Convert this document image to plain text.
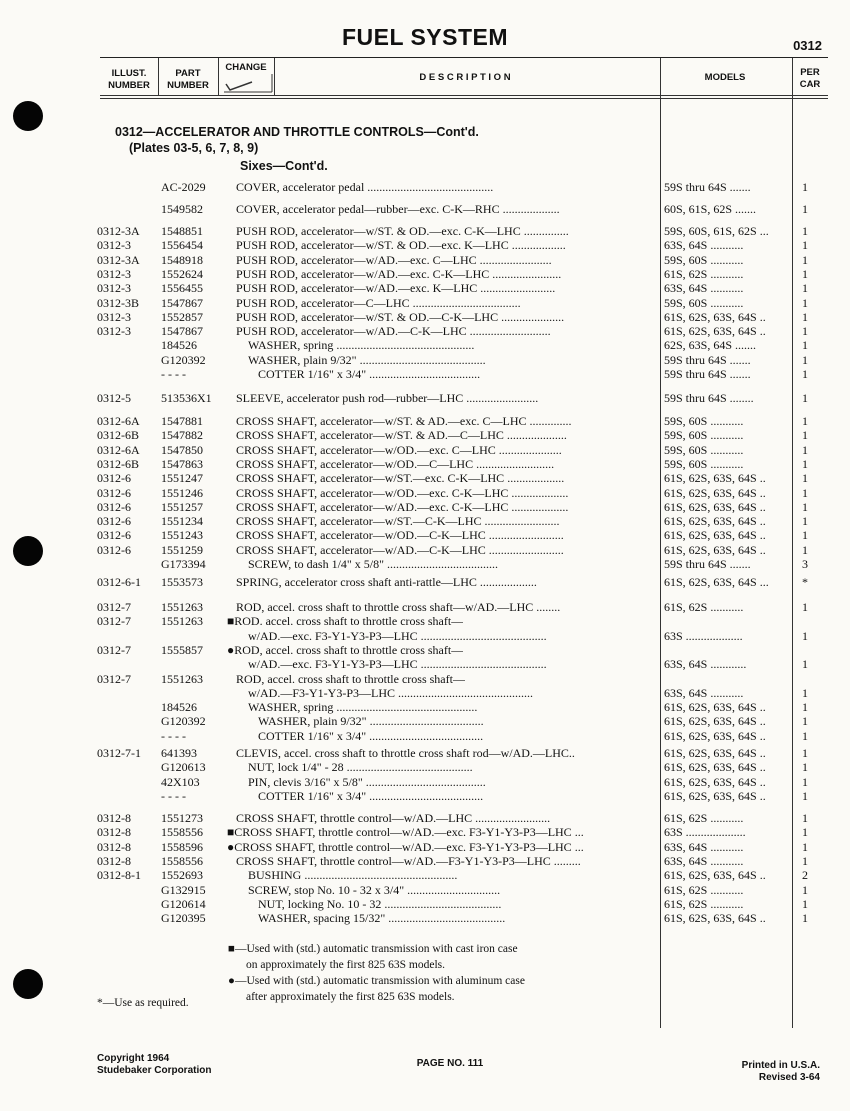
FUEL SYSTEM	0312
ILLUST.
NUMBER
PART
NUMBER
CHANGE
D E S C R I P T I O N	MODELS	PER
CAR
0312—ACCELERATOR AND THROTTLE CONTROLS—Cont'd.
(Plates 03-5, 6, 7, 8, 9)
Sixes—Cont'd.
AC-2029	COVER, accelerator pedal ..........................................	59S thru 64S .......	1
1549582	COVER, accelerator pedal—rubber—exc. C-K—RHC ...................	60S, 61S, 62S .......	1
0312-3A 1548851	PUSH ROD, accelerator—w/ST. & OD.—exc. C-K—LHC ...............	59S, 60S, 61S, 62S ...	1
0312-3	1556454	PUSH ROD, accelerator—w/ST. & OD.—exc. K—LHC ..................	63S, 64S ...........	1
0312-3A 1548918	PUSH ROD, accelerator—w/AD.—exc. C—LHC ........................	59S, 60S ...........	1
0312-3	1552624	PUSH ROD, accelerator—w/AD.—exc. C-K—LHC .......................	61S, 62S ...........	1
0312-3	1556455	PUSH ROD, accelerator—w/AD.—exc. K—LHC .........................	63S, 64S ...........	1
0312-3B 1547867	PUSH ROD, accelerator—C—LHC ....................................	59S, 60S ...........	1
0312-3	1552857	PUSH ROD, accelerator—w/ST. & OD.—C-K—LHC .....................	61S, 62S, 63S, 64S ..	1
0312-3	1547867	PUSH ROD, accelerator—w/AD.—C-K—LHC ...........................	61S, 62S, 63S, 64S ..	1
184526	WASHER, spring ..............................................	62S, 63S, 64S .......	1
G120392	WASHER, plain 9/32" ..........................................	59S thru 64S .......	1
- - - -	COTTER 1/16" x 3/4" .....................................	59S thru 64S .......	1
0312-5	513536X1 SLEEVE, accelerator push rod—rubber—LHC ........................	59S thru 64S ........	1
0312-6A 1547881	CROSS SHAFT, accelerator—w/ST. & AD.—exc. C—LHC ..............	59S, 60S ...........	1
0312-6B 1547882	CROSS SHAFT, accelerator—w/ST. & AD.—C—LHC ....................	59S, 60S ...........	1
0312-6A 1547850	CROSS SHAFT, accelerator—w/OD.—exc. C—LHC .....................	59S, 60S ...........	1
0312-6B 1547863	CROSS SHAFT, accelerator—w/OD.—C—LHC ..........................	59S, 60S ...........	1
0312-6	1551247	CROSS SHAFT, accelerator—w/ST.—exc. C-K—LHC ...................	61S, 62S, 63S, 64S ..	1
0312-6	1551246	CROSS SHAFT, accelerator—w/OD.—exc. C-K—LHC ...................	61S, 62S, 63S, 64S ..	1
0312-6	1551257	CROSS SHAFT, accelerator—w/AD.—exc. C-K—LHC ...................	61S, 62S, 63S, 64S ..	1
0312-6	1551234	CROSS SHAFT, accelerator—w/ST.—C-K—LHC .........................	61S, 62S, 63S, 64S ..	1
0312-6	1551243	CROSS SHAFT, accelerator—w/OD.—C-K—LHC .........................	61S, 62S, 63S, 64S ..	1
0312-6	1551259	CROSS SHAFT, accelerator—w/AD.—C-K—LHC .........................	61S, 62S, 63S, 64S ..	1
G173394	SCREW, to dash 1/4" x 5/8" .....................................	59S thru 64S .......	3
0312-6-1 1553573	SPRING, accelerator cross shaft anti-rattle—LHC ...................	61S, 62S, 63S, 64S ...	*
0312-7	1551263	ROD, accel. cross shaft to throttle cross shaft—w/AD.—LHC ........	61S, 62S ...........	1
0312-7	1551263 ■ROD. accel. cross shaft to throttle cross shaft—
w/AD.—exc. F3-Y1-Y3-P3—LHC ..........................................	63S ...................	1
0312-7	1555857 ●ROD, accel. cross shaft to throttle cross shaft—
w/AD.—exc. F3-Y1-Y3-P3—LHC ..........................................	63S, 64S ............	1
0312-7	1551263	ROD, accel. cross shaft to throttle cross shaft—
w/AD.—F3-Y1-Y3-P3—LHC .............................................	63S, 64S ...........	1
184526	WASHER, spring ...............................................	61S, 62S, 63S, 64S ..	1
G120392	WASHER, plain 9/32" ......................................	61S, 62S, 63S, 64S ..	1
- - - -	COTTER 1/16" x 3/4" ......................................	61S, 62S, 63S, 64S ..	1
0312-7-1 641393	CLEVIS, accel. cross shaft to throttle cross shaft rod—w/AD.—LHC..	61S, 62S, 63S, 64S ..	1
G120613	NUT, lock 1/4" - 28 ..........................................	61S, 62S, 63S, 64S ..	1
42X103	PIN, clevis 3/16" x 5/8" ........................................	61S, 62S, 63S, 64S ..	1
- - - -	COTTER 1/16" x 3/4" ......................................	61S, 62S, 63S, 64S ..	1
0312-8	1551273	CROSS SHAFT, throttle control—w/AD.—LHC .........................	61S, 62S ...........	1
0312-8	1558556 ■CROSS SHAFT, throttle control—w/AD.—exc. F3-Y1-Y3-P3—LHC ...	63S ....................	1
0312-8	1558596 ●CROSS SHAFT, throttle control—w/AD.—exc. F3-Y1-Y3-P3—LHC ...	63S, 64S ...........	1
0312-8	1558556	CROSS SHAFT, throttle control—w/AD.—F3-Y1-Y3-P3—LHC .........	63S, 64S ...........	1
0312-8-1 1552693	BUSHING ...................................................	61S, 62S, 63S, 64S ..	2
G132915	SCREW, stop No. 10 - 32 x 3/4" ...............................	61S, 62S ...........	1
G120614	NUT, locking No. 10 - 32 .......................................	61S, 62S ...........	1
G120395	WASHER, spacing 15/32" .......................................	61S, 62S, 63S, 64S ..	1
■—Used with (std.) automatic transmission with cast iron case
on approximately the first 825 63S models.
●—Used with (std.) automatic transmission with aluminum case
after approximately the first 825 63S models.
*—Use as required.
Copyright 1964
Studebaker Corporation
PAGE NO. 111	Printed in U.S.A.
Revised 3-64
